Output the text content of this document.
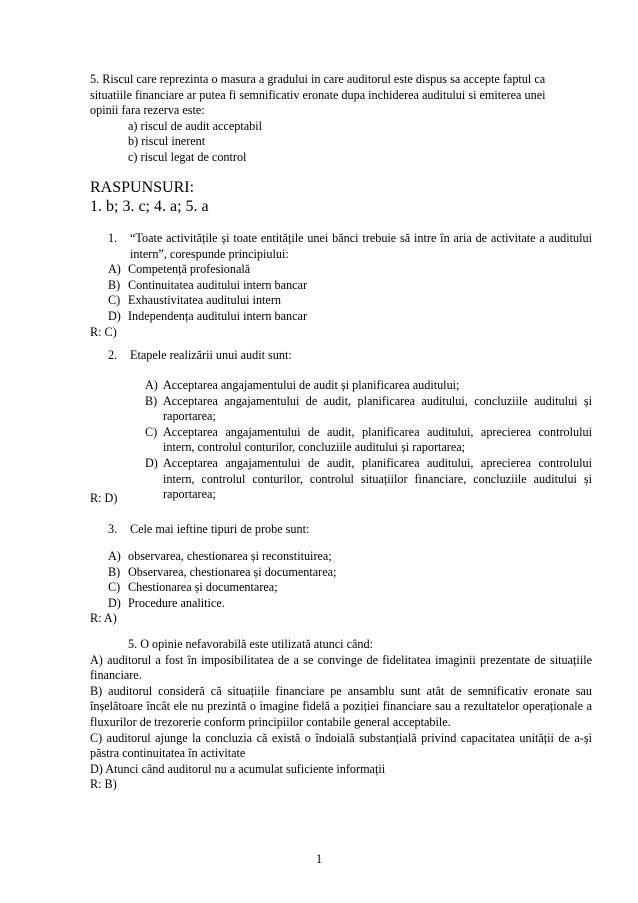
5. Riscul care reprezinta o masura a gradului in care auditorul este dispus sa accepte faptul ca
situatiile financiare ar putea fi semnificativ eronate dupa inchiderea auditului si emiterea unei
opinii fara rezerva este:
a) riscul de audit acceptabil
b) riscul inerent
c) riscul legat de control
RASPUNSURI:
1. b; 3. c; 4. a; 5. a
1. “Toate activitățile și toate entitățile unei bănci trebuie să intre în aria de activitate a auditului intern”, corespunde principiului:
A) Competență profesională
B) Continuitatea auditului intern bancar
C) Exhaustivitatea auditului intern
D) Independența auditului intern bancar
R: C)
2. Etapele realizării unui audit sunt:
A) Acceptarea angajamentului de audit și planificarea auditului;
B) Acceptarea angajamentului de audit, planificarea auditului, concluziile auditului și raportarea;
C) Acceptarea angajamentului de audit, planificarea auditului, aprecierea controlului intern, controlul conturilor, concluziile auditului și raportarea;
D) Acceptarea angajamentului de audit, planificarea auditului, aprecierea controlului intern, controlul conturilor, controlul situațiilor financiare, concluziile auditului și raportarea;
R: D)
3. Cele mai ieftine tipuri de probe sunt:
A) observarea, chestionarea și reconstituirea;
B) Observarea, chestionarea și documentarea;
C) Chestionarea și documentarea;
D) Procedure analitice.
R: A)
5. O opinie nefavorabilă este utilizată atunci când:
A) auditorul a fost în imposibilitatea de a se convinge de fidelitatea imaginii prezentate de situațiile financiare.
B) auditorul consideră că situațiile financiare pe ansamblu sunt atât de semnificativ eronate sau înșelătoare încât ele nu prezintă o imagine fidelă a poziției financiare sau a rezultatelor operaționale a fluxurilor de trezorerie conform principiilor contabile general acceptabile.
C) auditorul ajunge la concluzia că există o îndoială substanțială privind capacitatea unității de a-și păstra continuitatea în activitate
D) Atunci când auditorul nu a acumulat suficiente informații
R: B)
1
